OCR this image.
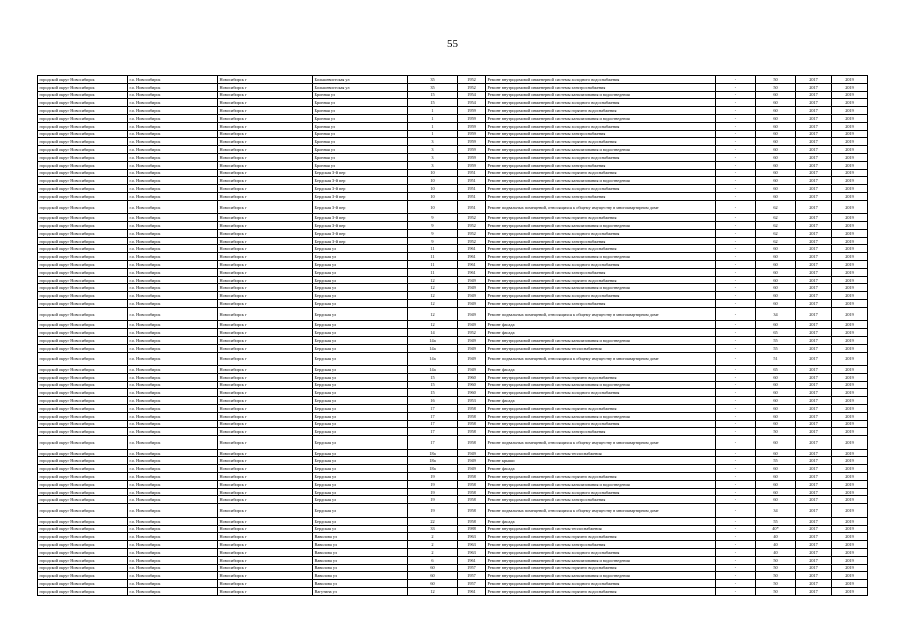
55
городской округ Новосибирск	г.о. Новосибирск	Новосибирск г	Большевистская ул	35	1952	Ремонт внутридомовой инженерной системы холодного водоснабжения	-	50	2017	2019
городской округ Новосибирск	г.о. Новосибирск	Новосибирск г	Большевистская ул	35	1952	Ремонт внутридомовой инженерной системы электроснабжения	-	50	2017	2019
городской округ Новосибирск	г.о. Новосибирск	Новосибирск г	Бронная ул	15	1954	Ремонт внутридомовой инженерной системы канализования и водоотведения	-	60	2017	2019
городской округ Новосибирск	г.о. Новосибирск	Новосибирск г	Бронная ул	15	1954	Ремонт внутридомовой инженерной системы холодного водоснабжения	-	60	2017	2019
городской округ Новосибирск	г.о. Новосибирск	Новосибирск г	Бронная ул	1	1959	Ремонт внутридомовой инженерной системы горячего водоснабжения	-	60	2017	2019
городской округ Новосибирск	г.о. Новосибирск	Новосибирск г	Бронная ул	1	1959	Ремонт внутридомовой инженерной системы канализования и водоотведения	-	60	2017	2019
городской округ Новосибирск	г.о. Новосибирск	Новосибирск г	Бронная ул	1	1959	Ремонт внутридомовой инженерной системы холодного водоснабжения	-	60	2017	2019
городской округ Новосибирск	г.о. Новосибирск	Новосибирск г	Бронная ул	1	1959	Ремонт внутридомовой инженерной системы электроснабжения	-	60	2017	2019
городской округ Новосибирск	г.о. Новосибирск	Новосибирск г	Бронная ул	3	1959	Ремонт внутридомовой инженерной системы горячего водоснабжения	-	60	2017	2019
городской округ Новосибирск	г.о. Новосибирск	Новосибирск г	Бронная ул	3	1959	Ремонт внутридомовой инженерной системы канализования и водоотведения	-	60	2017	2019
городской округ Новосибирск	г.о. Новосибирск	Новосибирск г	Бронная ул	3	1959	Ремонт внутридомовой инженерной системы холодного водоснабжения	-	60	2017	2019
городской округ Новосибирск	г.о. Новосибирск	Новосибирск г	Бронная ул	3	1959	Ремонт внутридомовой инженерной системы электроснабжения	-	60	2017	2019
городской округ Новосибирск	г.о. Новосибирск	Новосибирск г	Бердская 3-й пер	10	1951	Ремонт внутридомовой инженерной системы горячего водоснабжения	-	60	2017	2019
городской округ Новосибирск	г.о. Новосибирск	Новосибирск г	Бердская 3-й пер	10	1951	Ремонт внутридомовой инженерной системы канализования и водоотведения	-	60	2017	2019
городской округ Новосибирск	г.о. Новосибирск	Новосибирск г	Бердская 3-й пер	10	1951	Ремонт внутридомовой инженерной системы холодного водоснабжения	-	60	2017	2019
городской округ Новосибирск	г.о. Новосибирск	Новосибирск г	Бердская 3-й пер	10	1951	Ремонт внутридомовой инженерной системы электроснабжения	-	60	2017	2019
городской округ Новосибирск	г.о. Новосибирск	Новосибирск г	Бердская 3-й пер	10	1951	Ремонт подвальных помещений, относящихся к общему имуществу в многоквартирном доме	-	62	2017	2019
городской округ Новосибирск	г.о. Новосибирск	Новосибирск г	Бердская 3-й пер	9	1952	Ремонт внутридомовой инженерной системы горячего водоснабжения	-	62	2017	2019
городской округ Новосибирск	г.о. Новосибирск	Новосибирск г	Бердская 3-й пер	9	1952	Ремонт внутридомовой инженерной системы канализования и водоотведения	-	62	2017	2019
городской округ Новосибирск	г.о. Новосибирск	Новосибирск г	Бердская 3-й пер	9	1952	Ремонт внутридомовой инженерной системы холодного водоснабжения	-	62	2017	2019
городской округ Новосибирск	г.о. Новосибирск	Новосибирск г	Бердская 3-й пер	9	1952	Ремонт внутридомовой инженерной системы электроснабжения	-	62	2017	2019
городской округ Новосибирск	г.о. Новосибирск	Новосибирск г	Бердская ул	11	1961	Ремонт внутридомовой инженерной системы горячего водоснабжения	-	60	2017	2019
городской округ Новосибирск	г.о. Новосибирск	Новосибирск г	Бердская ул	11	1961	Ремонт внутридомовой инженерной системы канализования и водоотведения	-	60	2017	2019
городской округ Новосибирск	г.о. Новосибирск	Новосибирск г	Бердская ул	11	1961	Ремонт внутридомовой инженерной системы холодного водоснабжения	-	60	2017	2019
городской округ Новосибирск	г.о. Новосибирск	Новосибирск г	Бердская ул	11	1961	Ремонт внутридомовой инженерной системы электроснабжения	-	60	2017	2019
городской округ Новосибирск	г.о. Новосибирск	Новосибирск г	Бердская ул	12	1949	Ремонт внутридомовой инженерной системы горячего водоснабжения	-	60	2017	2019
городской округ Новосибирск	г.о. Новосибирск	Новосибирск г	Бердская ул	12	1949	Ремонт внутридомовой инженерной системы канализования и водоотведения	-	60	2017	2019
городской округ Новосибирск	г.о. Новосибирск	Новосибирск г	Бердская ул	12	1949	Ремонт внутридомовой инженерной системы холодного водоснабжения	-	60	2017	2019
городской округ Новосибирск	г.о. Новосибирск	Новосибирск г	Бердская ул	12	1949	Ремонт внутридомовой инженерной системы электроснабжения	-	60	2017	2019
городской округ Новосибирск	г.о. Новосибирск	Новосибирск г	Бердская ул	12	1949	Ремонт подвальных помещений, относящихся к общему имуществу в многоквартирном доме	-	34	2017	2019
городской округ Новосибирск	г.о. Новосибирск	Новосибирск г	Бердская ул	12	1949	Ремонт фасада	-	60	2017	2019
городской округ Новосибирск	г.о. Новосибирск	Новосибирск г	Бердская ул	14	1952	Ремонт фасада	-	65	2017	2019
городской округ Новосибирск	г.о. Новосибирск	Новосибирск г	Бердская ул	14а	1949	Ремонт внутридомовой инженерной системы канализования и водоотведения	-	55	2017	2019
городской округ Новосибирск	г.о. Новосибирск	Новосибирск г	Бердская ул	14а	1949	Ремонт внутридомовой инженерной системы теплоснабжения	-	55	2017	2019
городской округ Новосибирск	г.о. Новосибирск	Новосибирск г	Бердская ул	14а	1949	Ремонт подвальных помещений, относящихся к общему имуществу в многоквартирном доме	-	51	2017	2019
городской округ Новосибирск	г.о. Новосибирск	Новосибирск г	Бердская ул	14а	1949	Ремонт фасада	-	65	2017	2019
городской округ Новосибирск	г.о. Новосибирск	Новосибирск г	Бердская ул	15	1960	Ремонт внутридомовой инженерной системы горячего водоснабжения	-	60	2017	2019
городской округ Новосибирск	г.о. Новосибирск	Новосибирск г	Бердская ул	15	1960	Ремонт внутридомовой инженерной системы канализования и водоотведения	-	60	2017	2019
городской округ Новосибирск	г.о. Новосибирск	Новосибирск г	Бердская ул	15	1960	Ремонт внутридомовой инженерной системы холодного водоснабжения	-	60	2017	2019
городской округ Новосибирск	г.о. Новосибирск	Новосибирск г	Бердская ул	16	1953	Ремонт фасада	-	60	2017	2019
городской округ Новосибирск	г.о. Новосибирск	Новосибирск г	Бердская ул	17	1958	Ремонт внутридомовой инженерной системы горячего водоснабжения	-	60	2017	2019
городской округ Новосибирск	г.о. Новосибирск	Новосибирск г	Бердская ул	17	1958	Ремонт внутридомовой инженерной системы канализования и водоотведения	-	60	2017	2019
городской округ Новосибирск	г.о. Новосибирск	Новосибирск г	Бердская ул	17	1958	Ремонт внутридомовой инженерной системы холодного водоснабжения	-	60	2017	2019
городской округ Новосибирск	г.о. Новосибирск	Новосибирск г	Бердская ул	17	1958	Ремонт внутридомовой инженерной системы электроснабжения	-	50	2017	2019
городской округ Новосибирск	г.о. Новосибирск	Новосибирск г	Бердская ул	17	1958	Ремонт подвальных помещений, относящихся к общему имуществу в многоквартирном доме	-	60	2017	2019
городской округ Новосибирск	г.о. Новосибирск	Новосибирск г	Бердская ул	18а	1949	Ремонт внутридомовой инженерной системы теплоснабжения	-	60	2017	2019
городской округ Новосибирск	г.о. Новосибирск	Новосибирск г	Бердская ул	18а	1949	Ремонт крыши	-	55	2017	2019
городской округ Новосибирск	г.о. Новосибирск	Новосибирск г	Бердская ул	18а	1949	Ремонт фасада	-	60	2017	2019
городской округ Новосибирск	г.о. Новосибирск	Новосибирск г	Бердская ул	19	1958	Ремонт внутридомовой инженерной системы горячего водоснабжения	-	60	2017	2019
городской округ Новосибирск	г.о. Новосибирск	Новосибирск г	Бердская ул	19	1958	Ремонт внутридомовой инженерной системы канализования и водоотведения	-	60	2017	2019
городской округ Новосибирск	г.о. Новосибирск	Новосибирск г	Бердская ул	19	1958	Ремонт внутридомовой инженерной системы холодного водоснабжения	-	60	2017	2019
городской округ Новосибирск	г.о. Новосибирск	Новосибирск г	Бердская ул	19	1958	Ремонт внутридомовой инженерной системы электроснабжения	-	60	2017	2019
городской округ Новосибирск	г.о. Новосибирск	Новосибирск г	Бердская ул	19	1958	Ремонт подвальных помещений, относящихся к общему имуществу в многоквартирном доме	-	34	2017	2019
городской округ Новосибирск	г.о. Новосибирск	Новосибирск г	Бердская ул	22	1958	Ремонт фасада	-	55	2017	2019
городской округ Новосибирск	г.о. Новосибирск	Новосибирск г	Бердская ул	33	1988	Ремонт внутридомовой инженерной системы теплоснабжения	-	40*	2017	2019
городской округ Новосибирск	г.о. Новосибирск	Новосибирск г	Вавилова ул	2	1963	Ремонт внутридомовой инженерной системы горячего водоснабжения	-	40	2017	2019
городской округ Новосибирск	г.о. Новосибирск	Новосибирск г	Вавилова ул	2	1963	Ремонт внутридомовой инженерной системы электроснабжения	-	40	2017	2019
городской округ Новосибирск	г.о. Новосибирск	Новосибирск г	Вавилова ул	2	1963	Ремонт внутридомовой инженерной системы холодного водоснабжения	-	40	2017	2019
городской округ Новосибирск	г.о. Новосибирск	Новосибирск г	Вавилова ул	6	1961	Ремонт внутридомовой инженерной системы канализования и водоотведения	-	50	2017	2019
городской округ Новосибирск	г.о. Новосибирск	Новосибирск г	Вавилова ул	60	1957	Ремонт внутридомовой инженерной системы горячего водоснабжения	-	50	2017	2019
городской округ Новосибирск	г.о. Новосибирск	Новосибирск г	Вавилова ул	60	1957	Ремонт внутридомовой инженерной системы канализования и водоотведения	-	50	2017	2019
городской округ Новосибирск	г.о. Новосибирск	Новосибирск г	Вавилова ул	60	1957	Ремонт внутридомовой инженерной системы холодного водоснабжения	-	50	2017	2019
городской округ Новосибирск	г.о. Новосибирск	Новосибирск г	Вагутина ул	12	1961	Ремонт внутридомовой инженерной системы горячего водоснабжения	-	50	2017	2019
